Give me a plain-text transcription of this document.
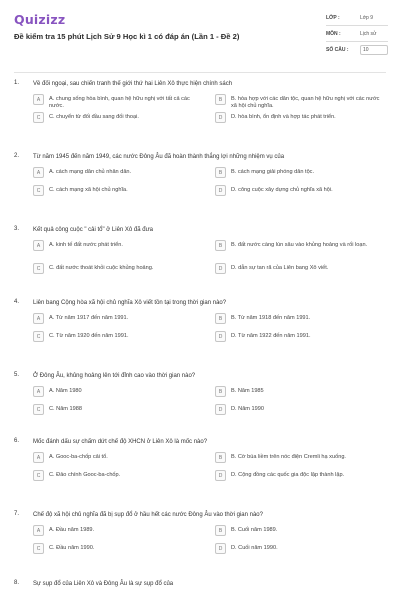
Quizizz
Đề kiểm tra 15 phút Lịch Sử 9 Học kì 1 có đáp án (Lần 1 - Đề 2)
LỚP :	Lớp 9
MÔN :	Lịch sử
SỐ CÂU :	10
1. Về đối ngoại, sau chiến tranh thế giới thứ hai Liên Xô thực hiện chính sách
A	A. chung sống hòa bình, quan hệ hữu nghị với tất cả các nước.
B	B. hòa hợp với các dân tộc, quan hệ hữu nghị với các nước xã hội chủ nghĩa.
C	C. chuyển từ đối đầu sang đối thoại.	D	D. hòa bình, ổn định và hợp tác phát triển.
2. Từ năm 1945 đến năm 1949, các nước Đông Âu đã hoàn thành thắng lợi những nhiệm vụ của
A	A. cách mạng dân chủ nhân dân.	B	B. cách mạng giải phóng dân tộc.
C	C. cách mạng xã hội chủ nghĩa.	D	D. công cuộc xây dựng chủ nghĩa xã hội.
3. Kết quả công cuộc " cải tổ" ở Liên Xô đã đưa
A	A. kinh tế đất nước phát triển.	B	B. đất nước càng lún sâu vào khủng hoảng và rối loạn.
C	C. đất nước thoát khỏi cuộc khủng hoảng.	D	D. dẫn sự tan rã của Liên bang Xô viết.
4. Liên bang Cộng hòa xã hội chủ nghĩa Xô viết tồn tại trong thời gian nào?
A	A. Từ năm 1917 đến năm 1991.	B	B. Từ năm 1918 đến năm 1991.
C	C. Từ năm 1920 đến năm 1991.	D	D. Từ năm 1922 đến năm 1991.
5. Ở Đông Âu, khủng hoảng lên tới đỉnh cao vào thời gian nào?
A	A. Năm 1980	B	B. Năm 1985
C	C. Năm 1988	D	D. Năm 1990
6. Mốc đánh dấu sự chấm dứt chế độ XHCN ở Liên Xô là mốc nào?
A	A. Gooc-ba-chốp cải tổ.	B	B. Cờ búa liềm trên nóc điện Cremli hạ xuống.
C	C. Đảo chính Gooc-ba-chốp.	D	D. Cộng đồng các quốc gia độc lập thành lập.
7. Chế độ xã hội chủ nghĩa đã bị sụp đổ ở hầu hết các nước Đông Âu vào thời gian nào?
A	A. Đầu năm 1989.	B	B. Cuối năm 1989.
C	C. Đầu năm 1990.	D	D. Cuối năm 1990.
8. Sự sụp đổ của Liên Xô và Đông Âu là sự sụp đổ của
